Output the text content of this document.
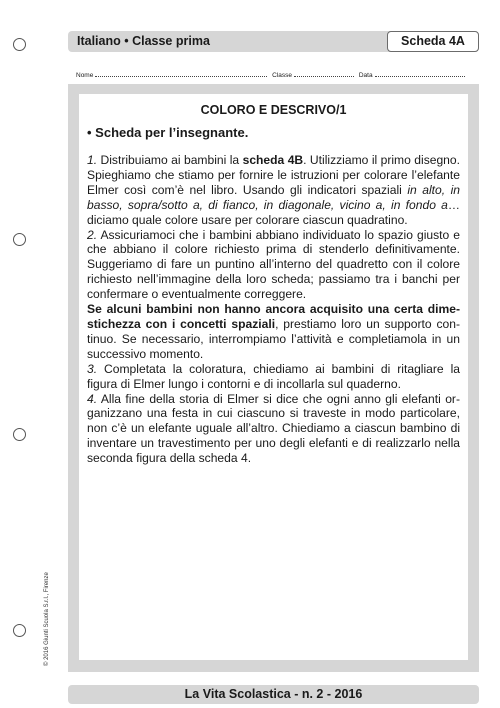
Italiano • Classe prima	Scheda 4A
Nome	Classe	Data
COLORO E DESCRIVO/1
• Scheda per l’insegnante.

1. Distribuiamo ai bambini la scheda 4B. Utilizziamo il primo disegno. Spieghiamo che stiamo per fornire le istruzioni per colorare l’elefante Elmer così com’è nel libro. Usando gli indicatori spaziali in alto, in basso, sopra/sotto a, di fianco, in diagonale, vicino a, in fondo a… diciamo quale colore usare per colorare ciascun quadratino.

2. Assicuriamoci che i bambini abbiano individuato lo spazio giusto e che abbiano il colore richiesto prima di stenderlo definitivamente. Suggeriamo di fare un puntino all’interno del quadretto con il colore richiesto nell’immagine della loro scheda; passiamo tra i banchi per confermare o eventualmente correggere.

Se alcuni bambini non hanno ancora acquisito una certa dimestichezza con i concetti spaziali, prestiamo loro un supporto continuo. Se necessario, interrompiamo l’attività e completiamola in un successivo momento.

3. Completata la coloratura, chiediamo ai bambini di ritagliare la figura di Elmer lungo i contorni e di incollarla sul quaderno.

4. Alla fine della storia di Elmer si dice che ogni anno gli elefanti organizzano una festa in cui ciascuno si traveste in modo particolare, non c’è un elefante uguale all’altro. Chiediamo a ciascun bambino di inventare un travestimento per uno degli elefanti e di realizzarlo nella seconda figura della scheda 4.

© 2016 Giunti Scuola S.r.l., Firenze
La Vita Scolastica - n. 2 - 2016
